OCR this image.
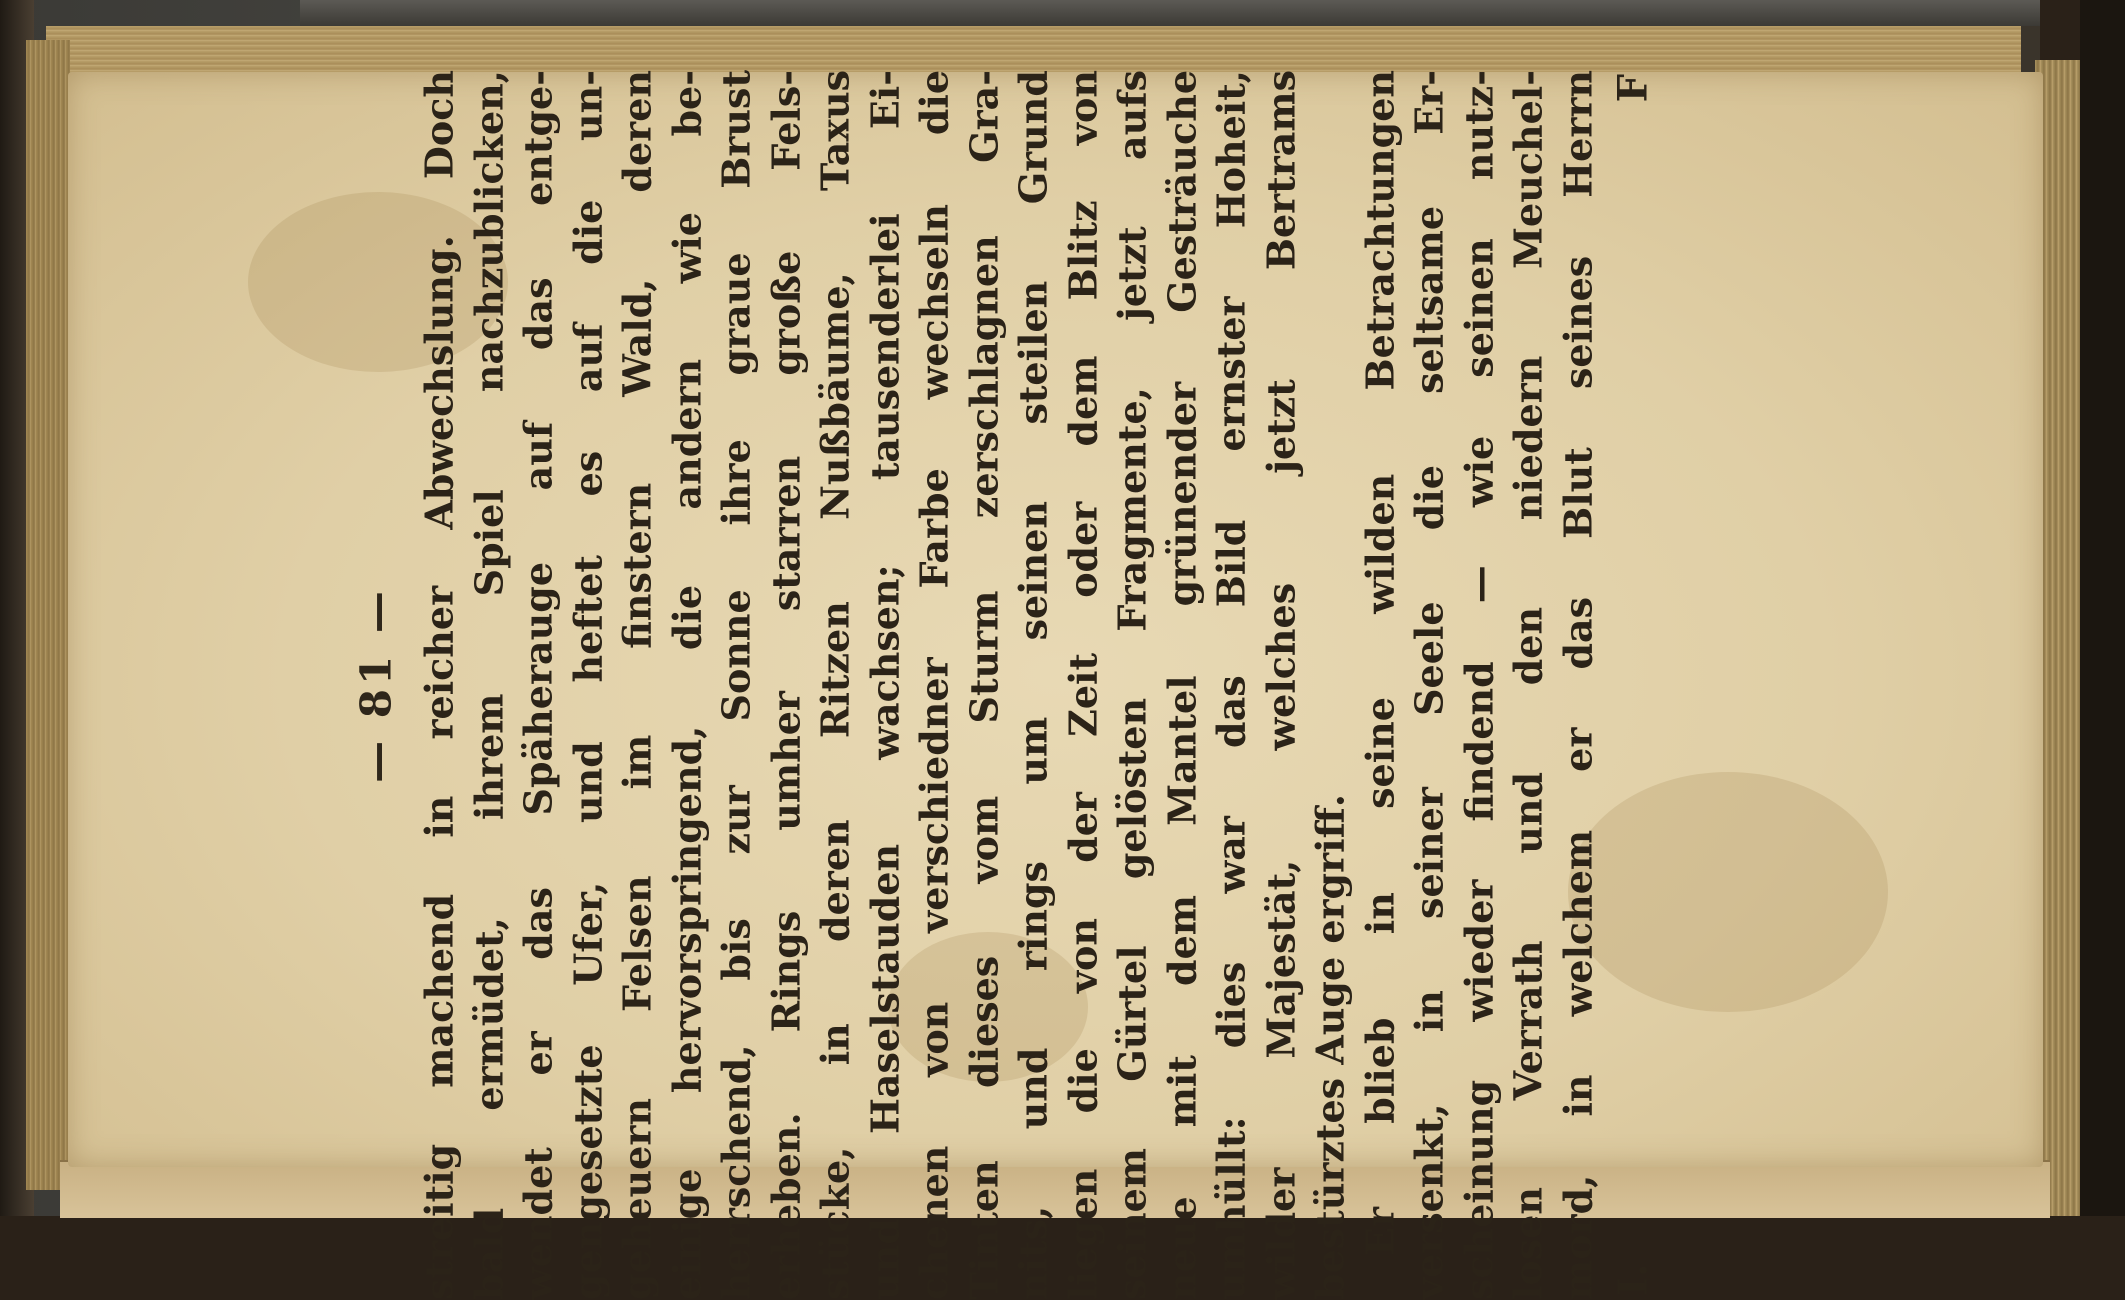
— 81 — streitig machend in reicher Abwechslung. Doch bald ermüdet, ihrem Spiel nachzublicken, wendet er das Späherauge auf das entge- gengesetzte Ufer, und heftet es auf die un- geheuern Felsen im finstern Wald, deren einige hervorspringend, die andern wie be- herrschend, bis zur Sonne ihre graue Brust erheben. Rings umher starren große Fels- stücke, in deren Ritzen Nußbäume, Taxus und Haselstauden wachsen; tausenderlei Ei- chenen von verschiedner Farbe wechseln die Tinten dieses vom Sturm zerschlagnen Gra- nits, und rings um seinen steilen Grund liegen die von der Zeit oder dem Blitz von seinem Gürtel gelösten Fragmente, jetzt aufs neue mit dem Mantel grünender Gesträuche umhüllt: dies war das Bild ernster Hoheit, wilder Majestät, welches jetzt Bertrams bestürztes Auge ergriff. Er blieb in seine wilden Betrachtungen versenkt, in seiner Seele die seltsame Er- scheinung wieder findend — wie seinen nutz- losen Verrath und den niedern Meuchel- mord, in welchem er das Blut seines Herrn I.
F
